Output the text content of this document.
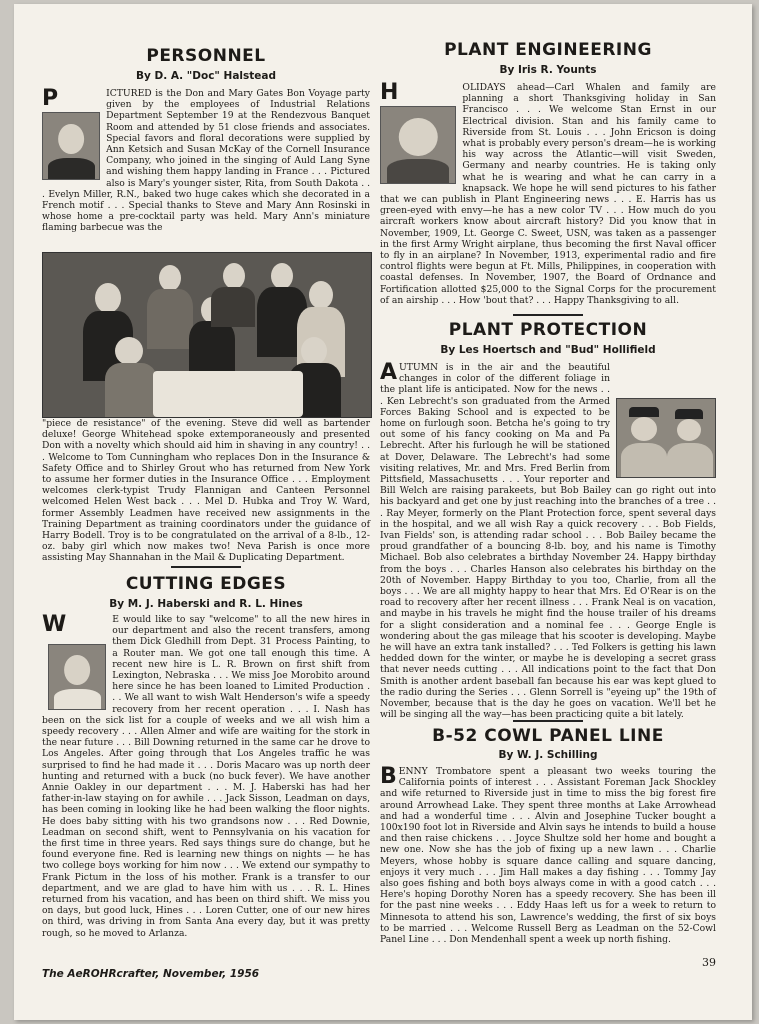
PERSONNEL
By D. A. "Doc" Halstead
P	ICTURED is the Don and Mary Gates Bon Voyage party given by the employees of Industrial Relations Department September 19 at the Rendezvous Banquet Room and attended by 51 close friends and associates. Special favors and floral decorations were supplied by Ann Ketsich and Susan McKay of the Cornell Insurance Company, who joined in the singing of Auld Lang Syne and wishing them happy landing in France . . . Pictured also is Mary's younger sister, Rita, from South Dakota . . . Evelyn Miller, R.N., baked two huge cakes which she decorated in a French motif . . . Special thanks to Steve and Mary Ann Rosinski in whose home a pre-cocktail party was held. Mary Ann's miniature flaming barbecue was the

"piece de resistance" of the evening. Steve did well as bartender deluxe! George Whitehead spoke extemporaneously and presented Don with a novelty which should aid him in shaving in any country! . . . Welcome to Tom Cunningham who replaces Don in the Insurance & Safety Office and to Shirley Grout who has returned from New York to assume her former duties in the Insurance Office . . . Employment welcomes clerk-typist Trudy Flannigan and Canteen Personnel welcomed Helen West back . . . Mel D. Hubka and Troy W. Ward, former Assembly Leadmen have received new assignments in the Training Department as training coordinators under the guidance of Harry Bodell. Troy is to be congratulated on the arrival of a 8-lb., 12-oz. baby girl which now makes two! Neva Parish is once more assisting May Shannahan in the Mail & Duplicating Department.

CUTTING EDGES
By M. J. Haberski and R. L. Hines
W	E would like to say "welcome" to all the new hires in our department and also the recent transfers, among them Dick Gledhill from Dept. 31 Process Painting, to a Router man. We got one tall enough this time. A recent new hire is L. R. Brown on first shift from Lexington, Nebraska . . . We miss Joe Morobito around here since he has been loaned to Limited Production . . . We all want to wish Walt Henderson's wife a speedy recovery from her recent operation . . . I. Nash has been on the sick list for a couple of weeks and we all wish him a speedy recovery . . . Allen Almer and wife are waiting for the stork in the near future . . . Bill Downing returned in the same car he drove to Los Angeles. After going through that Los Angeles traffic he was surprised to find he had made it . . . Doris Macaro was up north deer hunting and returned with a buck (no buck fever). We have another Annie Oakley in our department . . . M. J. Haberski has had her father-in-law staying on for awhile . . . Jack Sisson, Leadman on days, has been coming in looking like he had been walking the floor nights. He does baby sitting with his two grandsons now . . . Red Downie, Leadman on second shift, went to Pennsylvania on his vacation for the first time in three years. Red says things sure do change, but he found everyone fine. Red is learning new things on nights — he has two college boys working for him now . . . We extend our sympathy to Frank Pictum in the loss of his mother. Frank is a transfer to our department, and we are glad to have him with us . . . R. L. Hines returned from his vacation, and has been on third shift. We miss you on days, but good luck, Hines . . . Loren Cutter, one of our new hires on third, was driving in from Santa Ana every day, but it was pretty rough, so he moved to Arlanza.

The AeROHRcrafter, November, 1956
PLANT ENGINEERING
By Iris R. Younts
H	OLIDAYS ahead—Carl Whalen and family are planning a short Thanksgiving holiday in San Francisco . . . We welcome Stan Ernst in our Electrical division. Stan and his family came to Riverside from St. Louis . . . John Ericson is doing what is probably every person's dream—he is working his way across the Atlantic—will visit Sweden, Germany and nearby countries. He is taking only what he is wearing and what he can carry in a knapsack. We hope he will send pictures to his father that we can publish in Plant Engineering news . . . E. Harris has us green-eyed with envy—he has a new color TV . . . How much do you aircraft workers know about aircraft history? Did you know that in November, 1909, Lt. George C. Sweet, USN, was taken as a passenger in the first Army Wright airplane, thus becoming the first Naval officer to fly in an airplane? In November, 1913, experimental radio and fire control flights were begun at Ft. Mills, Philippines, in cooperation with coastal defenses. In November, 1907, the Board of Ordnance and Fortification allotted $25,000 to the Signal Corps for the procurement of an airship . . . How 'bout that? . . . Happy Thanksgiving to all.

PLANT PROTECTION
By Les Hoertsch and "Bud" Hollifield
A UTUMN is in the air and the beautiful changes in color of the different foliage in the plant life is anticipated. Now for the news . . . Ken Lebrecht's son graduated from the Armed Forces Baking School and is expected to be home on furlough soon. Betcha he's going to try out some of his fancy cooking on Ma and Pa Lebrecht. After his furlough he will be stationed at Dover, Delaware. The Lebrecht's had some visiting relatives, Mr. and Mrs. Fred Berlin from Pittsfield, Massachusetts . . . Your reporter and Bill Welch are raising parakeets, but Bob Bailey can go right out into his backyard and get one by just reaching into the branches of a tree . . . Ray Meyer, formerly on the Plant Protection force, spent several days in the hospital, and we all wish Ray a quick recovery . . . Bob Fields, Ivan Fields' son, is attending radar school . . . Bob Bailey became the proud grandfather of a bouncing 8-lb. boy, and his name is Timothy Michael. Bob also celebrates a birthday November 24. Happy birthday from the boys . . . Charles Hanson also celebrates his birthday on the 20th of November. Happy Birthday to you too, Charlie, from all the boys . . . We are all mighty happy to hear that Mrs. Ed O'Rear is on the road to recovery after her recent illness . . . Frank Neal is on vacation, and maybe in his travels he might find the house trailer of his dreams for a slight consideration and a nominal fee . . . George Engle is wondering about the gas mileage that his scooter is developing. Maybe he will have an extra tank installed? . . . Ted Folkers is getting his lawn hedded down for the winter, or maybe he is developing a secret grass that never needs cutting . . . All indications point to the fact that Don Smith is another ardent baseball fan because his ear was kept glued to the radio during the Series . . . Glenn Sorrell is "eyeing up" the 19th of November, because that is the day he goes on vacation. We'll bet he will be singing all the way—has been practicing quite a bit lately.

B-52 COWL PANEL LINE
By W. J. Schilling
B ENNY Trombatore spent a pleasant two weeks touring the California points of interest . . . Assistant Foreman Jack Shockley and wife returned to Riverside just in time to miss the big forest fire around Arrowhead Lake. They spent three months at Lake Arrowhead and had a wonderful time . . . Alvin and Josephine Tucker bought a 100x190 foot lot in Riverside and Alvin says he intends to build a house and then raise chickens . . . Joyce Shultze sold her home and bought a new one. Now she has the job of fixing up a new lawn . . . Charlie Meyers, whose hobby is square dance calling and square dancing, enjoys it very much . . . Jim Hall makes a day fishing . . . Tommy Jay also goes fishing and both boys always come in with a good catch . . . Here's hoping Dorothy Noren has a speedy recovery. She has been ill for the past nine weeks . . . Eddy Haas left us for a week to return to Minnesota to attend his son, Lawrence's wedding, the first of six boys to be married . . . Welcome Russell Berg as Leadman on the 52-Cowl Panel Line . . . Don Mendenhall spent a week up north fishing.

39
